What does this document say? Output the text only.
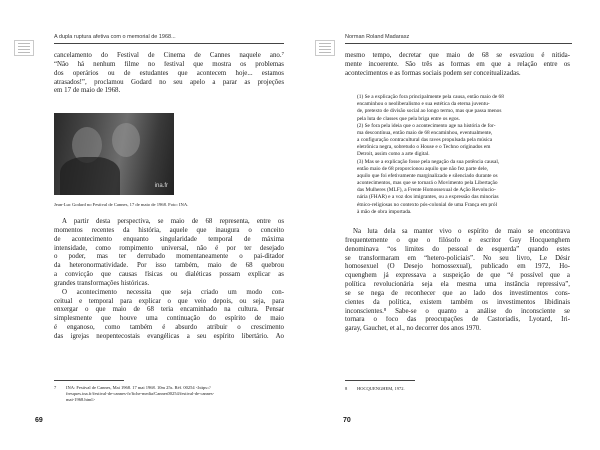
A dupla ruptura afetiva com o memorial de 1968...

cancelamento do Festival de Cinema de Cannes naquele ano.⁷
“Não há nenhum filme no festival que mostra os problemas
dos operários ou de estudantes que acontecem hoje... estamos
atrasados!”, proclamou Godard no seu apelo a parar as projeções
em 17 de maio de 1968.

ina.fr
Jean-Luc Godard no Festival de Cannes, 17 de maio de 1968. Foto: INA.

A partir desta perspectiva, se maio de 68 representa, entre os
momentos recentes da história, aquele que inaugura o conceito
de acontecimento enquanto singularidade temporal de máxima
intensidade, como rompimento universal, não é por ter desejado
o poder, mas ter derrubado momentaneamente o pai-ditador
da heteronormatividade. Por isso também, maio de 68 quebrou
a convicção que causas físicas ou dialéticas possam explicar as
grandes transformações históricas.
O acontecimento necessita que seja criado um modo con-
ceitual e temporal para explicar o que veio depois, ou seja, para
enxergar o que maio de 68 teria encaminhado na cultura. Pensar
simplesmente que houve uma continuação do espírito de maio
é enganoso, como também é absurdo atribuir o crescimento
das igrejas neopentecostais evangélicas a seu espírito libertário. Ao

7 INA: Festival de Cannes, Mai 1968. 17 mai 1968. 10m 25s. Réf. 00254 <https://
fresques.ina.fr/festival-de-cannes-fr/fiche-media/Cannes00254/festival-de-cannes-
mai-1968.html>

69
Norman Roland Madarasz

mesmo tempo, decretar que maio de 68 se esvaziou é nitida-
mente incoerente. São três as formas em que a relação entre os
acontecimentos e as formas sociais podem ser conceitualizadas.

(1) Se a explicação fora principalmente pela causa, então maio de 68
encaminhou o neoliberalismo e sua estética da eterna juventu-
de, pretexto de divisão social ao longo termo, mas que passa menos
pela luta de classes que pela briga entre os egos.
(2) Se fora pela ideia que o acontecimento age na história de for-
ma descontínua, então maio de 68 encaminhou, eventualmente,
a configuração contracultural das raves propulsada pela música
eletrônica negra, sobretudo o House e o Techno originados em
Detroit, assim como a arte digital.
(3) Mas se a explicação fosse pela negação da sua potência causal,
então maio de 68 proporcionou aquilo que não fez parte dele,
aquilo que foi efetivamente marginalizado e silenciado durante os
acontecimentos, mas que se tornará o Movimento pela Libertação
das Mulheres (MLF), a Frente Homossexual de Ação Revolucio-
nária (FHAR) e a voz dos imigrantes, ou a expressão das minorias
étnico-religiosas no contexto pós-colonial de uma França em pról
à mão de obra importada.

Na luta dela sa manter vivo o espírito de maio se encontrava
frequentemente o que o filósofo e escritor Guy Hocquenghem
denominava “os limites do pessoal de esquerda” quando estes
se transformaram em “hetero-policiais”. No seu livro, Le Désir
homosexuel (O Desejo homossexual), publicado em 1972, Ho-
cquenghem já expressava a suspeição de que “é possível que a
política revolucionária seja ela mesma uma instância repressiva”,
se se nega de reconhecer que ao lado dos investimentos cons-
cientes da política, existem também os investimentos libidinais
inconscientes.⁸ Sabe-se o quanto a análise do inconsciente se
tornara o foco das preocupações de Castoriadis, Lyotard, Iri-
garay, Gauchet, et al., no decorrer dos anos 1970.

8 HOCQUENGHEM, 1972.

70
